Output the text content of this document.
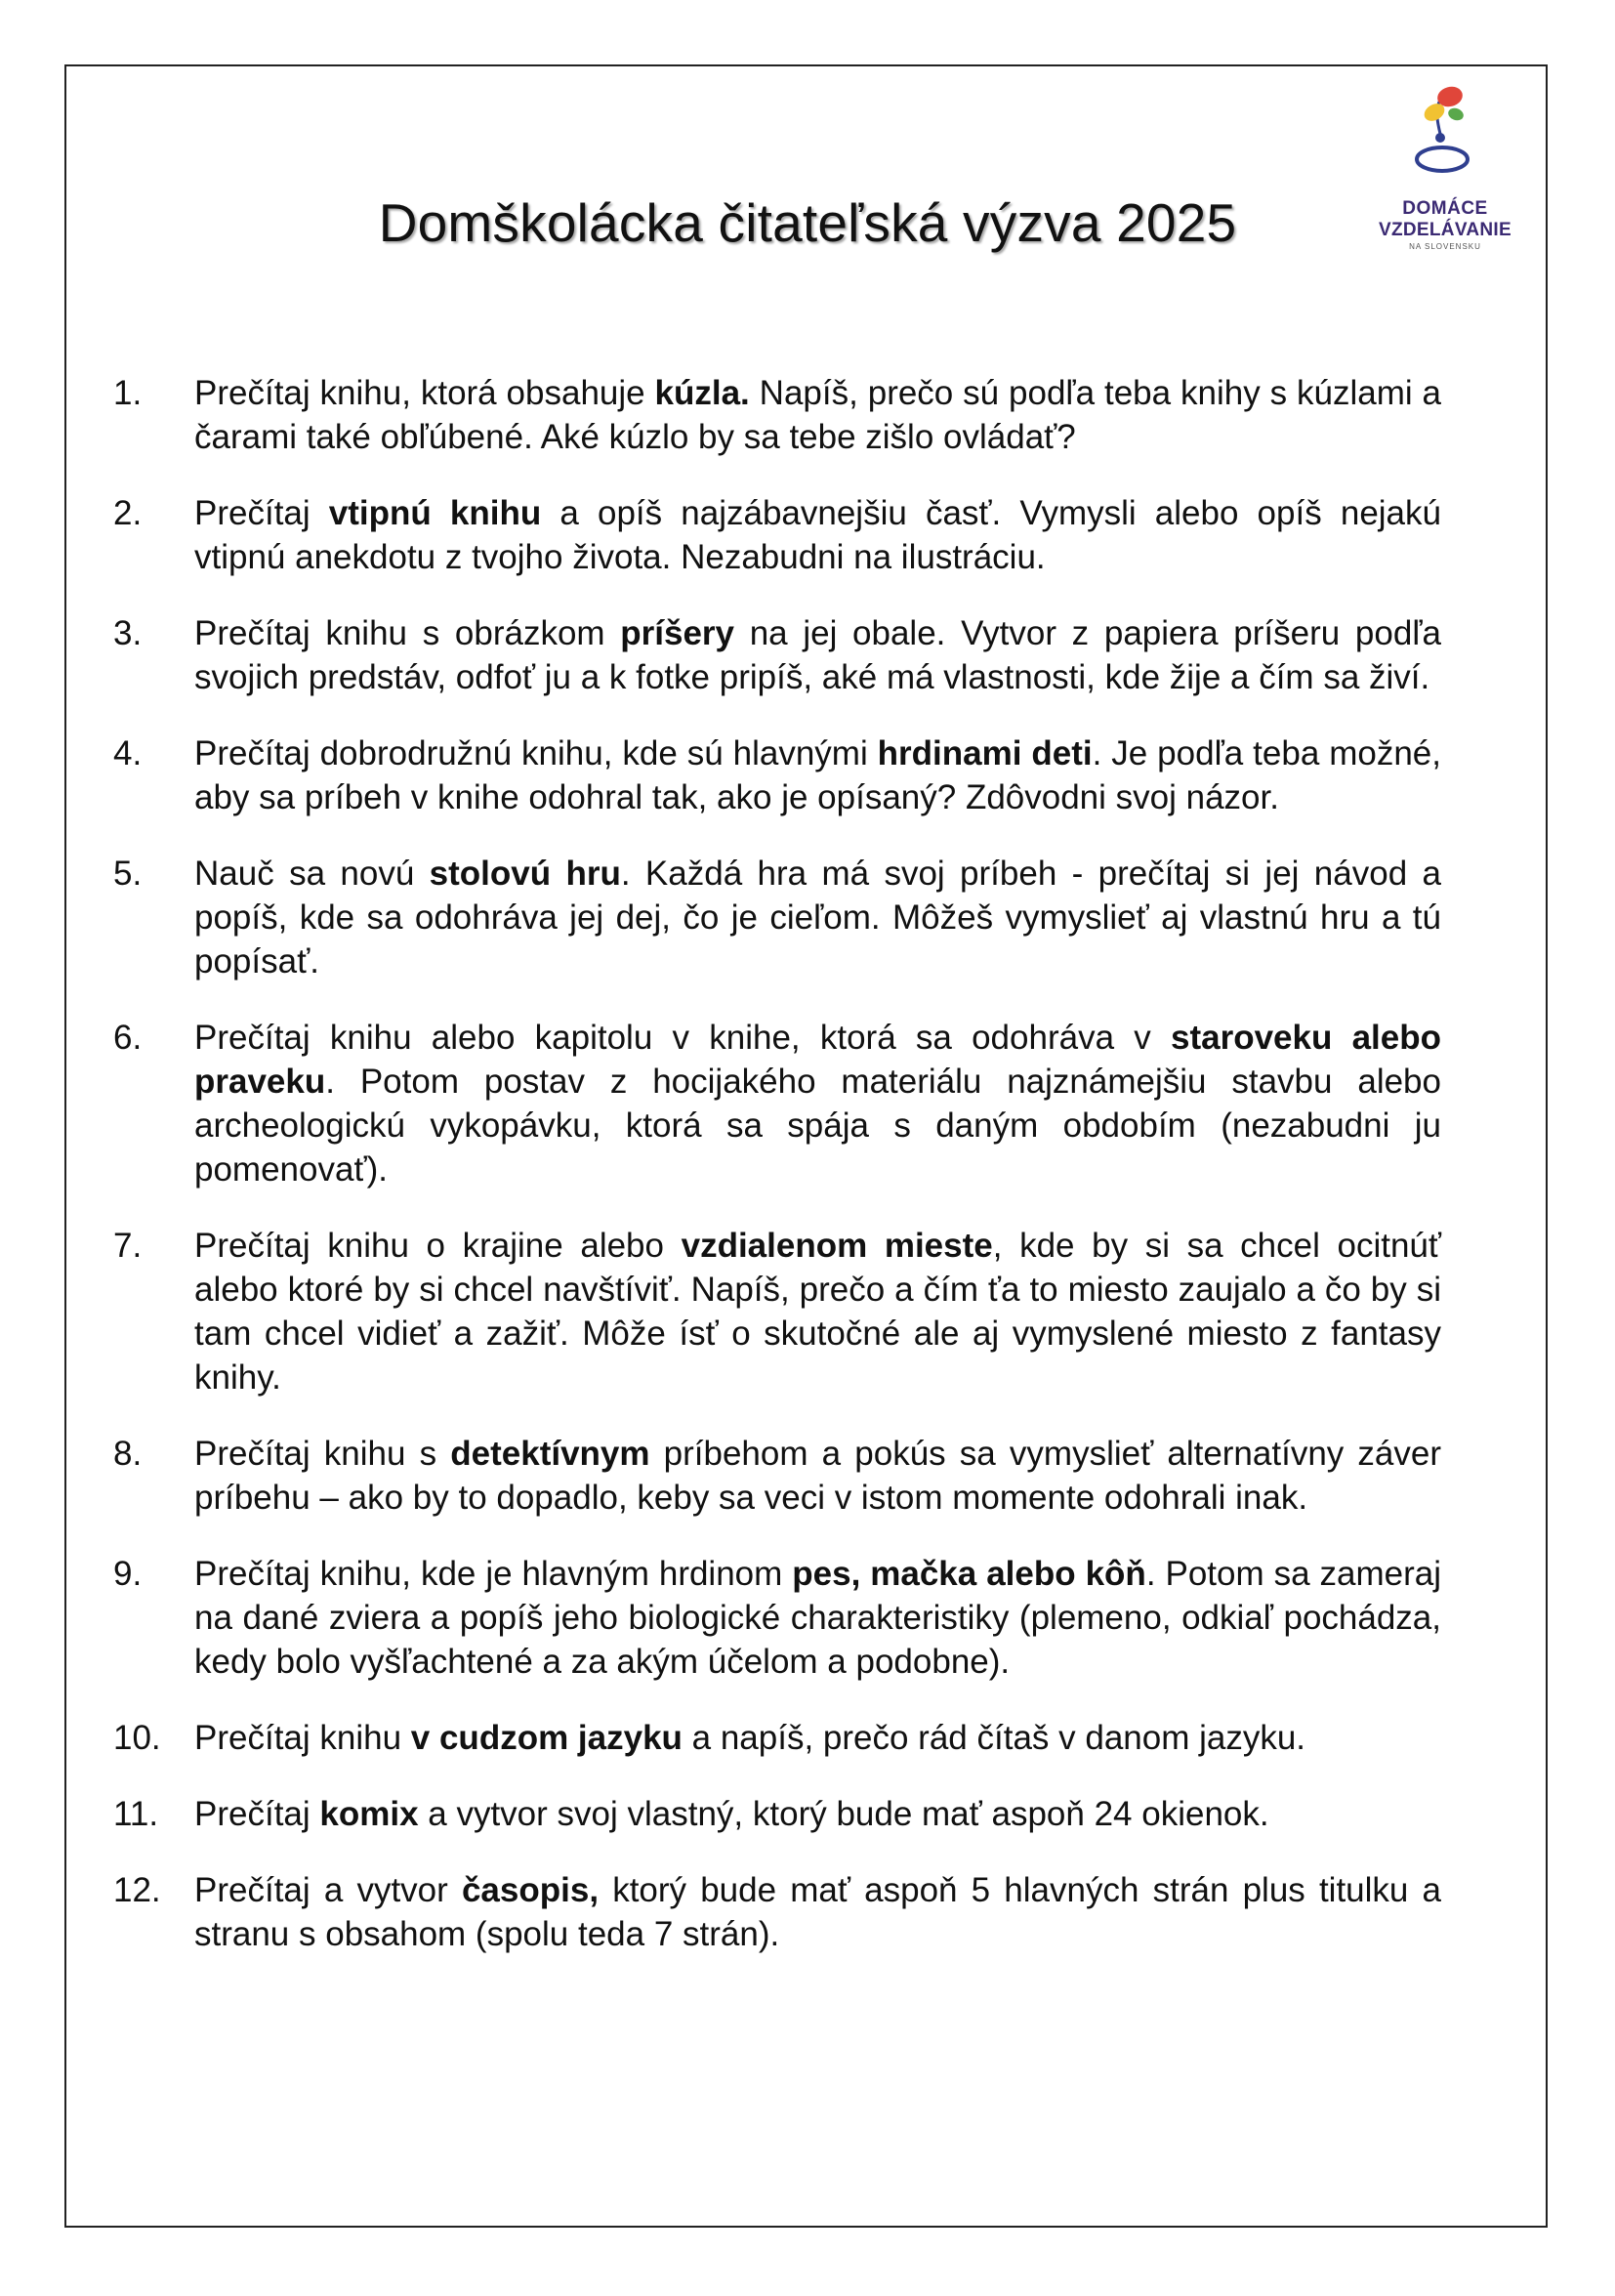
Domškolácka čitateľská výzva 2025	DOMÁCE
VZDELÁVANIE
NA SLOVENSKU
1.	Prečítaj knihu, ktorá obsahuje kúzla. Napíš, prečo sú podľa teba knihy s kúzlami a čarami také obľúbené. Aké kúzlo by sa tebe zišlo ovládať?
2.	Prečítaj vtipnú knihu a opíš najzábavnejšiu časť. Vymysli alebo opíš nejakú vtipnú anekdotu z tvojho života. Nezabudni na ilustráciu.
3.	Prečítaj knihu s obrázkom príšery na jej obale. Vytvor z papiera príšeru podľa svojich predstáv, odfoť ju a k fotke pripíš, aké má vlastnosti, kde žije a čím sa živí.
4.	Prečítaj dobrodružnú knihu, kde sú hlavnými hrdinami deti. Je podľa teba možné, aby sa príbeh v knihe odohral tak, ako je opísaný? Zdôvodni svoj názor.
5.	Nauč sa novú stolovú hru. Každá hra má svoj príbeh - prečítaj si jej návod a popíš, kde sa odohráva jej dej, čo je cieľom. Môžeš vymyslieť aj vlastnú hru a tú popísať.
6.	Prečítaj knihu alebo kapitolu v knihe, ktorá sa odohráva v staroveku alebo praveku. Potom postav z hocijakého materiálu najznámejšiu stavbu alebo archeologickú vykopávku, ktorá sa spája s daným obdobím (nezabudni ju pomenovať).
7.	Prečítaj knihu o krajine alebo vzdialenom mieste, kde by si sa chcel ocitnúť alebo ktoré by si chcel navštíviť. Napíš, prečo a čím ťa to miesto zaujalo a čo by si tam chcel vidieť a zažiť. Môže ísť o skutočné ale aj vymyslené miesto z fantasy knihy.
8.	Prečítaj knihu s detektívnym príbehom a pokús sa vymyslieť alternatívny záver príbehu – ako by to dopadlo, keby sa veci v istom momente odohrali inak.
9.	Prečítaj knihu, kde je hlavným hrdinom pes, mačka alebo kôň. Potom sa zameraj na dané zviera a popíš jeho biologické charakteristiky (plemeno, odkiaľ pochádza, kedy bolo vyšľachtené a za akým účelom a podobne).
10. Prečítaj knihu v cudzom jazyku a napíš, prečo rád čítaš v danom jazyku.
11.	Prečítaj komix a vytvor svoj vlastný, ktorý bude mať aspoň 24 okienok.
12. Prečítaj a vytvor časopis, ktorý bude mať aspoň 5 hlavných strán plus titulku a stranu s obsahom (spolu teda 7 strán).
